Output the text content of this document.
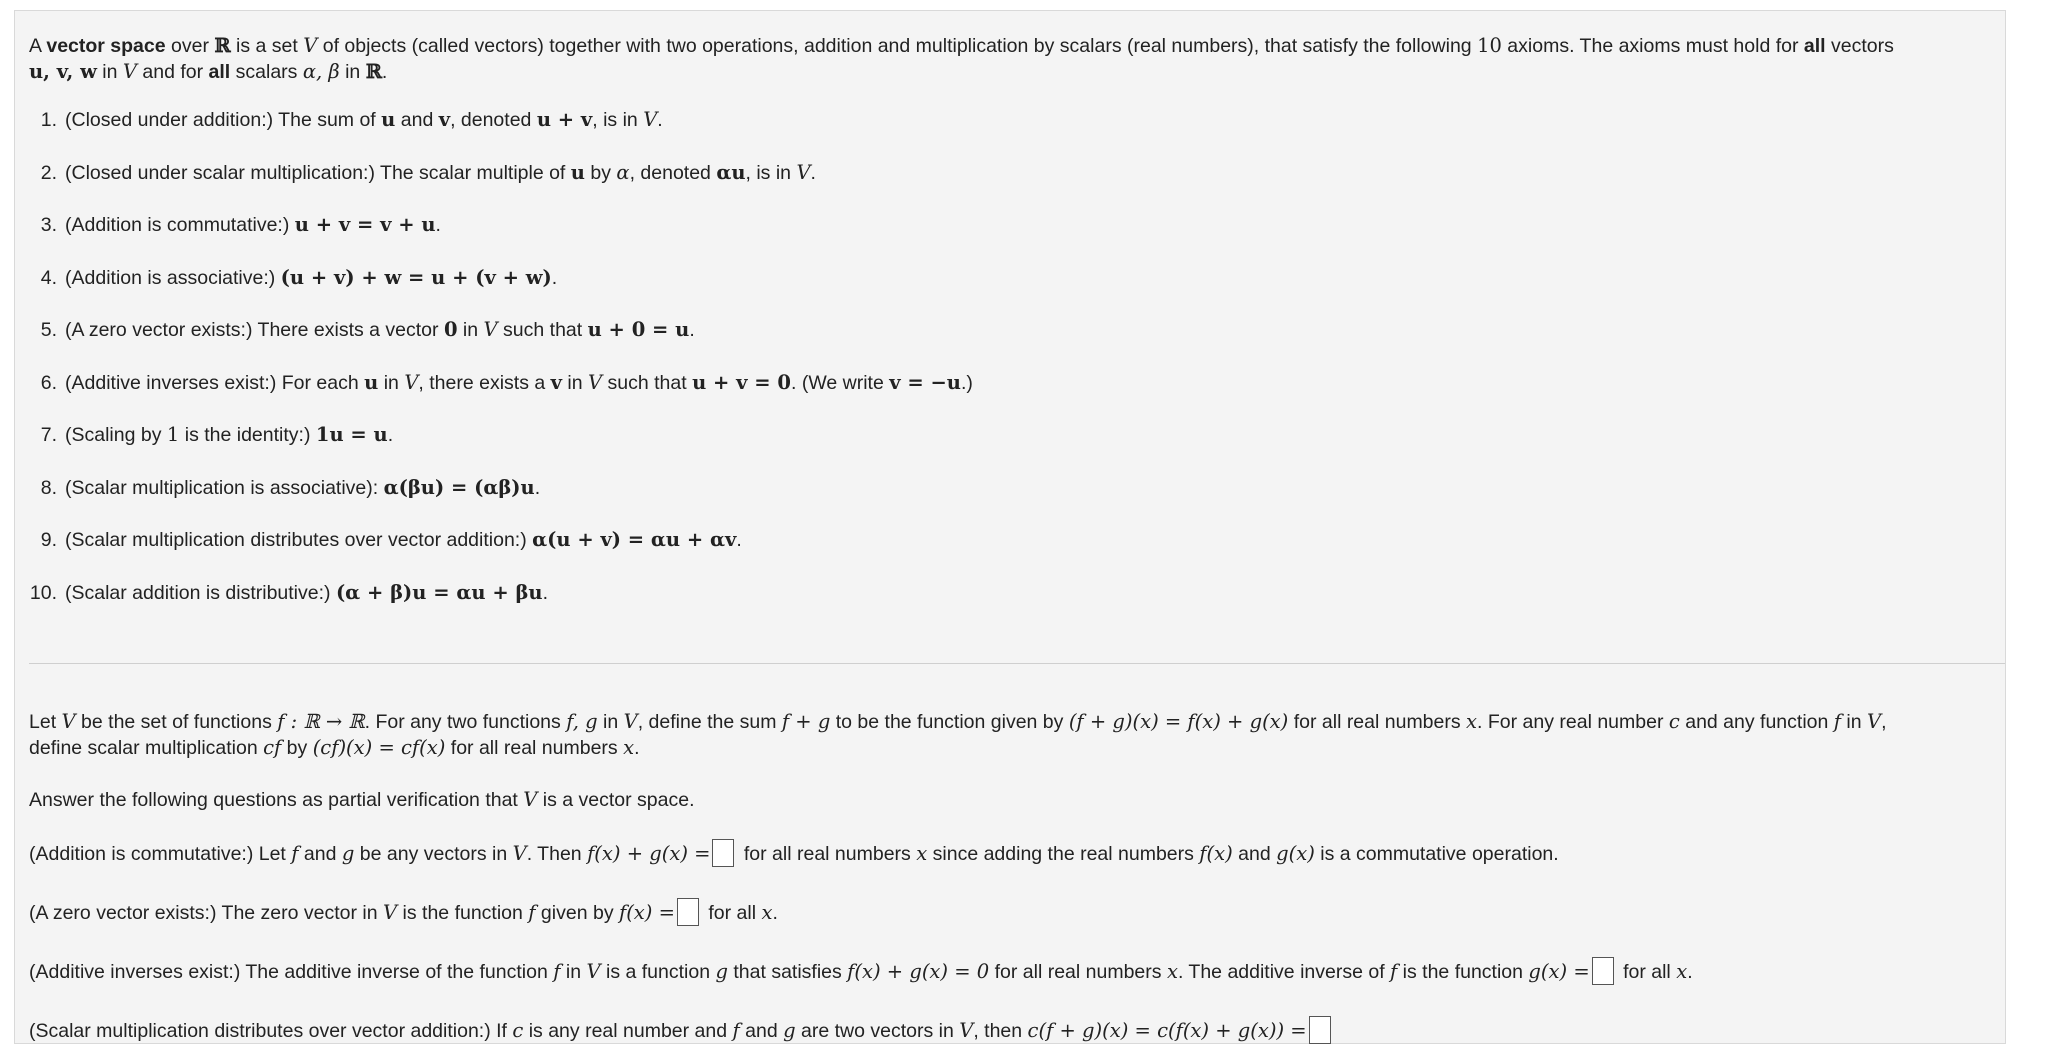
A vector space over ℝ is a set V of objects (called vectors) together with two operations, addition and multiplication by scalars (real numbers), that satisfy the following 10 axioms. The axioms must hold for all vectors
u, v, w in V and for all scalars α, β in ℝ.

1. (Closed under addition:) The sum of u and v, denoted u + v, is in V.
2. (Closed under scalar multiplication:) The scalar multiple of u by α, denoted αu, is in V.
3. (Addition is commutative:) u + v = v + u.
4. (Addition is associative:) (u + v) + w = u + (v + w).
5. (A zero vector exists:) There exists a vector 0 in V such that u + 0 = u.
6. (Additive inverses exist:) For each u in V, there exists a v in V such that u + v = 0. (We write v = −u.)
7. (Scaling by 1 is the identity:) 1u = u.
8. (Scalar multiplication is associative): α(βu) = (αβ)u.
9. (Scalar multiplication distributes over vector addition:) α(u + v) = αu + αv.
10. (Scalar addition is distributive:) (α + β)u = αu + βu.

Let V be the set of functions f : ℝ → ℝ. For any two functions f, g in V, define the sum f + g to be the function given by (f + g)(x) = f(x) + g(x) for all real numbers x. For any real number c and any function f in V,
define scalar multiplication cf by (cf)(x) = cf(x) for all real numbers x.

Answer the following questions as partial verification that V is a vector space.

(Addition is commutative:) Let f and g be any vectors in V. Then f(x) + g(x) = for all real numbers x since adding the real numbers f(x) and g(x) is a commutative operation.

(A zero vector exists:) The zero vector in V is the function f given by f(x) = for all x.

(Additive inverses exist:) The additive inverse of the function f in V is a function g that satisfies f(x) + g(x) = 0 for all real numbers x. The additive inverse of f is the function g(x) = for all x.

(Scalar multiplication distributes over vector addition:) If c is any real number and f and g are two vectors in V, then c(f + g)(x) = c(f(x) + g(x)) =
